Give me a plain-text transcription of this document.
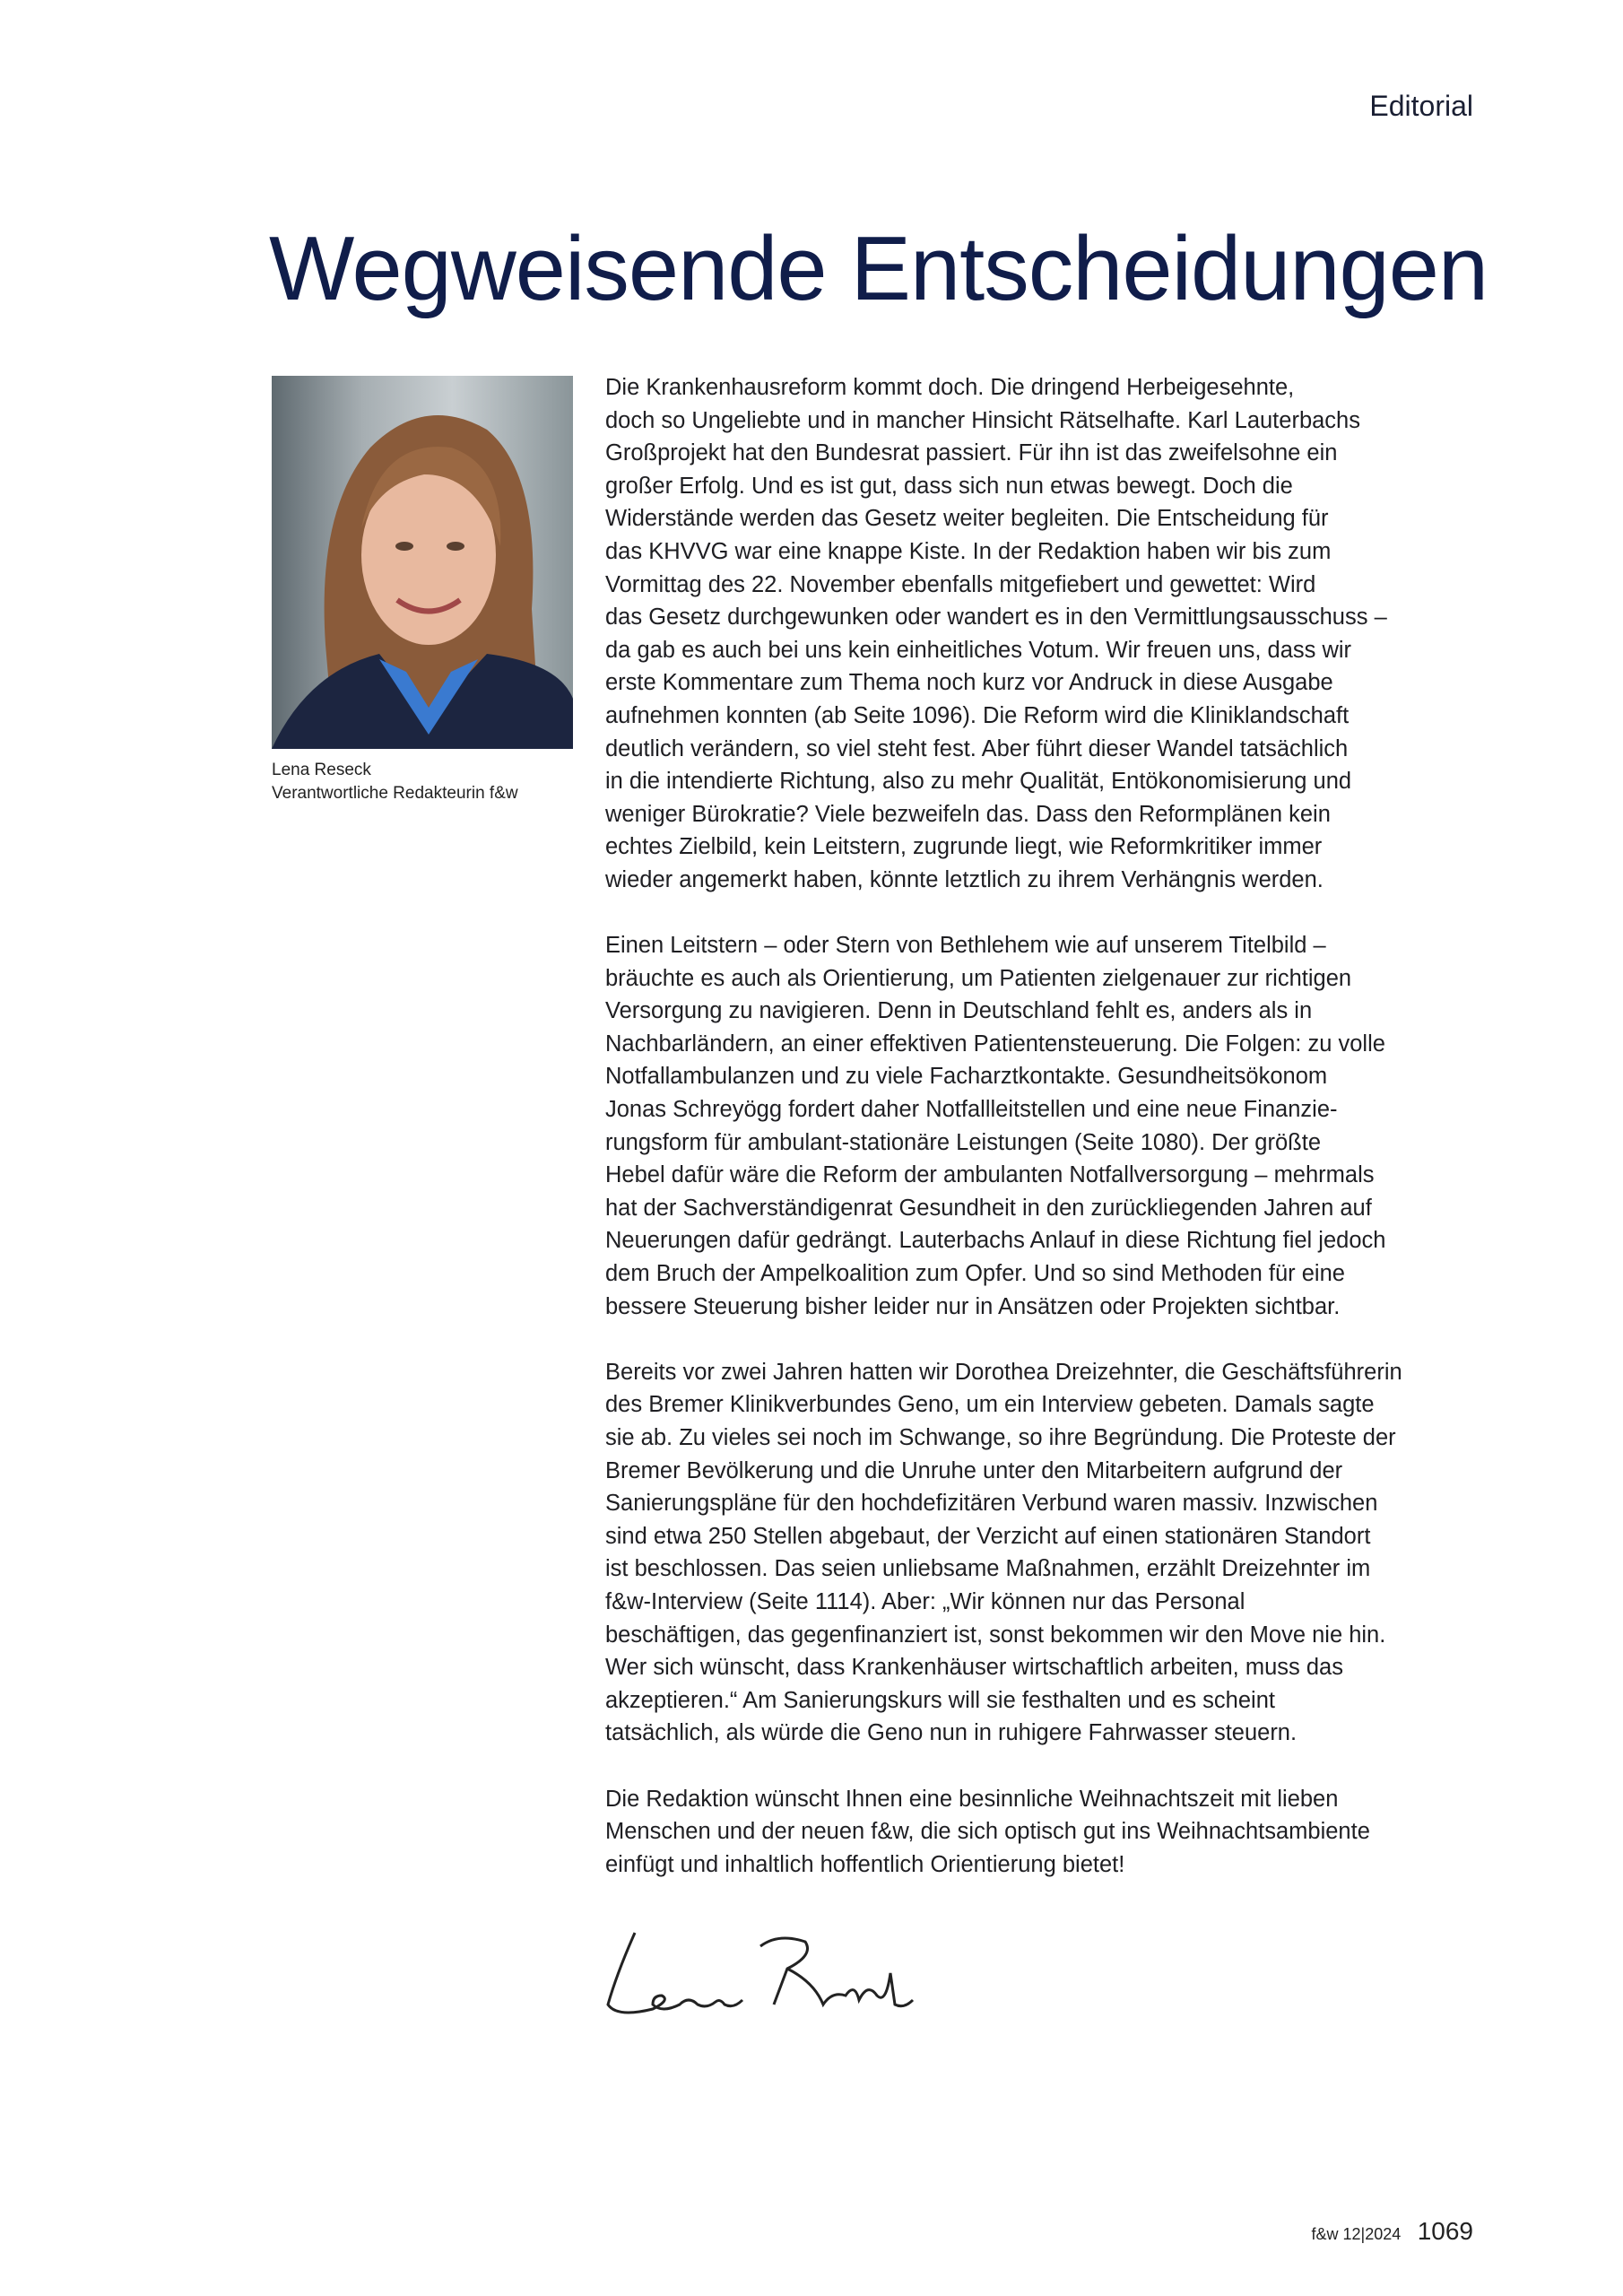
Editorial
Wegweisende Entscheidungen
Lena Reseck
Verantwortliche Redakteurin f&w

Die Krankenhausreform kommt doch. Die dringend Herbeigesehnte,
doch so Ungeliebte und in mancher Hinsicht Rätselhafte. Karl Lauterbachs
Großprojekt hat den Bundesrat passiert. Für ihn ist das zweifelsohne ein
großer Erfolg. Und es ist gut, dass sich nun etwas bewegt. Doch die
Widerstände werden das Gesetz weiter begleiten. Die Entscheidung für
das KHVVG war eine knappe Kiste. In der Redaktion haben wir bis zum
Vormittag des 22. November ebenfalls mitgefiebert und gewettet: Wird
das Gesetz durchgewunken oder wandert es in den Vermittlungsausschuss –
da gab es auch bei uns kein einheitliches Votum. Wir freuen uns, dass wir
erste Kommentare zum Thema noch kurz vor Andruck in diese Ausgabe
aufnehmen konnten (ab Seite 1096). Die Reform wird die Kliniklandschaft
deutlich verändern, so viel steht fest. Aber führt dieser Wandel tatsächlich
in die intendierte Richtung, also zu mehr Qualität, Entökonomisierung und
weniger Bürokratie? Viele bezweifeln das. Dass den Reformplänen kein
echtes Zielbild, kein Leitstern, zugrunde liegt, wie Reformkritiker immer
wieder angemerkt haben, könnte letztlich zu ihrem Verhängnis werden.

Einen Leitstern – oder Stern von Bethlehem wie auf unserem Titelbild –
bräuchte es auch als Orientierung, um Patienten zielgenauer zur richtigen
Versorgung zu navigieren. Denn in Deutschland fehlt es, anders als in
Nachbarländern, an einer effektiven Patientensteuerung. Die Folgen: zu volle
Notfallambulanzen und zu viele Facharztkontakte. Gesundheitsökonom
Jonas Schreyögg fordert daher Notfallleitstellen und eine neue Finanzie-
rungsform für ambulant-stationäre Leistungen (Seite 1080). Der größte
Hebel dafür wäre die Reform der ambulanten Notfallversorgung – mehrmals
hat der Sachverständigenrat Gesundheit in den zurückliegenden Jahren auf
Neuerungen dafür gedrängt. Lauterbachs Anlauf in diese Richtung fiel jedoch
dem Bruch der Ampelkoalition zum Opfer. Und so sind Methoden für eine
bessere Steuerung bisher leider nur in Ansätzen oder Projekten sichtbar.

Bereits vor zwei Jahren hatten wir Dorothea Dreizehnter, die Geschäftsführerin
des Bremer Klinikverbundes Geno, um ein Interview gebeten. Damals sagte
sie ab. Zu vieles sei noch im Schwange, so ihre Begründung. Die Proteste der
Bremer Bevölkerung und die Unruhe unter den Mitarbeitern aufgrund der
Sanierungspläne für den hochdefizitären Verbund waren massiv. Inzwischen
sind etwa 250 Stellen abgebaut, der Verzicht auf einen stationären Standort
ist beschlossen. Das seien unliebsame Maßnahmen, erzählt Dreizehnter im
f&w-Interview (Seite 1114). Aber: „Wir können nur das Personal
beschäftigen, das gegenfinanziert ist, sonst bekommen wir den Move nie hin.
Wer sich wünscht, dass Krankenhäuser wirtschaftlich arbeiten, muss das
akzeptieren.“ Am Sanierungskurs will sie festhalten und es scheint
tatsächlich, als würde die Geno nun in ruhigere Fahrwasser steuern.

Die Redaktion wünscht Ihnen eine besinnliche Weihnachtszeit mit lieben
Menschen und der neuen f&w, die sich optisch gut ins Weihnachtsambiente
einfügt und inhaltlich hoffentlich Orientierung bietet!

f&w 12|2024 1069
